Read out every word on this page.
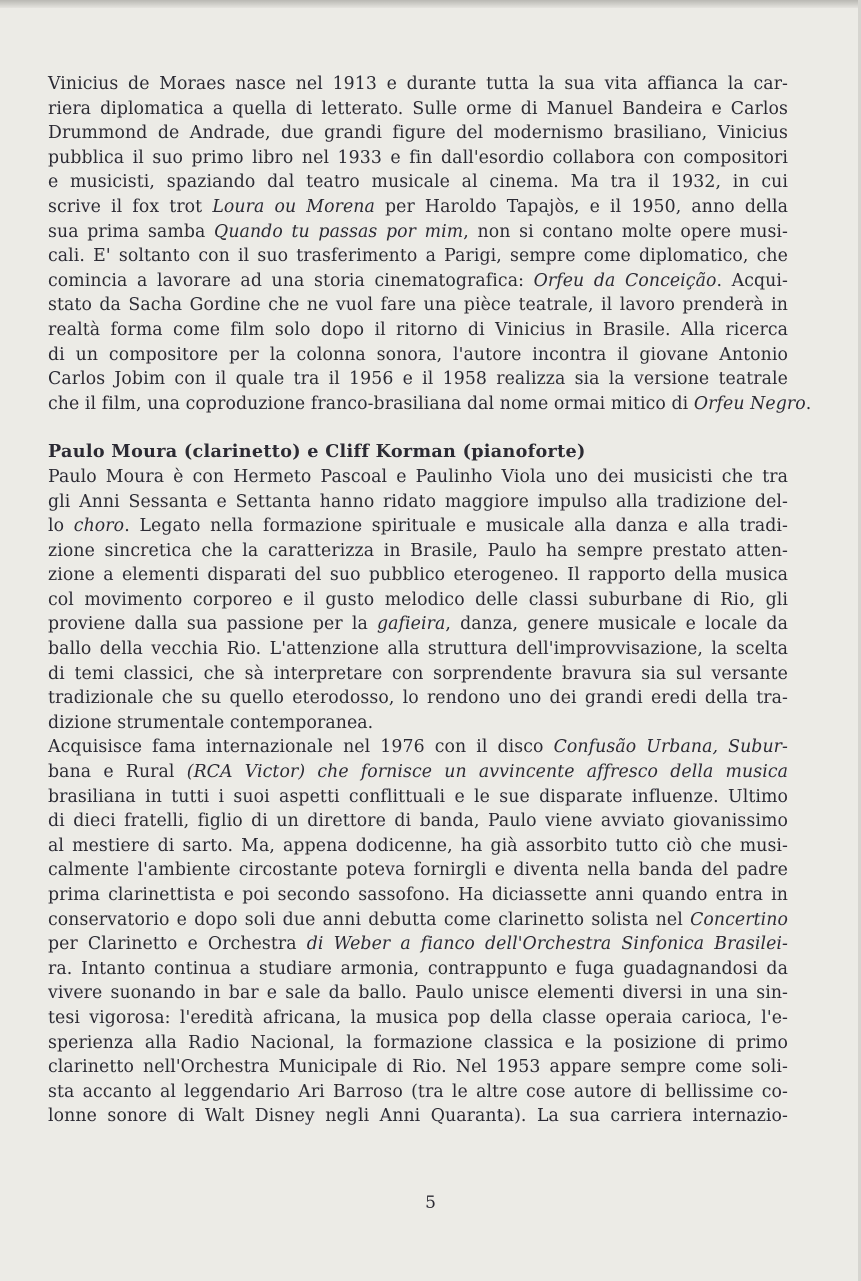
Vinicius de Moraes nasce nel 1913 e durante tutta la sua vita affianca la car-
riera diplomatica a quella di letterato. Sulle orme di Manuel Bandeira e Carlos
Drummond de Andrade, due grandi figure del modernismo brasiliano, Vinicius
pubblica il suo primo libro nel 1933 e fin dall'esordio collabora con compositori
e musicisti, spaziando dal teatro musicale al cinema. Ma tra il 1932, in cui
scrive il fox trot Loura ou Morena per Haroldo Tapajòs, e il 1950, anno della
sua prima samba Quando tu passas por mim, non si contano molte opere musi-
cali. E' soltanto con il suo trasferimento a Parigi, sempre come diplomatico, che
comincia a lavorare ad una storia cinematografica: Orfeu da Conceição. Acqui-
stato da Sacha Gordine che ne vuol fare una pièce teatrale, il lavoro prenderà in
realtà forma come film solo dopo il ritorno di Vinicius in Brasile. Alla ricerca
di un compositore per la colonna sonora, l'autore incontra il giovane Antonio
Carlos Jobim con il quale tra il 1956 e il 1958 realizza sia la versione teatrale
che il film, una coproduzione franco-brasiliana dal nome ormai mitico di Orfeu Negro.
Paulo Moura (clarinetto) e Cliff Korman (pianoforte)
Paulo Moura è con Hermeto Pascoal e Paulinho Viola uno dei musicisti che tra
gli Anni Sessanta e Settanta hanno ridato maggiore impulso alla tradizione del-
lo choro. Legato nella formazione spirituale e musicale alla danza e alla tradi-
zione sincretica che la caratterizza in Brasile, Paulo ha sempre prestato atten-
zione a elementi disparati del suo pubblico eterogeneo. Il rapporto della musica
col movimento corporeo e il gusto melodico delle classi suburbane di Rio, gli
proviene dalla sua passione per la gafieira, danza, genere musicale e locale da
ballo della vecchia Rio. L'attenzione alla struttura dell'improvvisazione, la scelta
di temi classici, che sà interpretare con sorprendente bravura sia sul versante
tradizionale che su quello eterodosso, lo rendono uno dei grandi eredi della tra-
dizione strumentale contemporanea.
Acquisisce fama internazionale nel 1976 con il disco Confusão Urbana, Subur-
bana e Rural (RCA Victor) che fornisce un avvincente affresco della musica
brasiliana in tutti i suoi aspetti conflittuali e le sue disparate influenze. Ultimo
di dieci fratelli, figlio di un direttore di banda, Paulo viene avviato giovanissimo
al mestiere di sarto. Ma, appena dodicenne, ha già assorbito tutto ciò che musi-
calmente l'ambiente circostante poteva fornirgli e diventa nella banda del padre
prima clarinettista e poi secondo sassofono. Ha diciassette anni quando entra in
conservatorio e dopo soli due anni debutta come clarinetto solista nel Concertino
per Clarinetto e Orchestra di Weber a fianco dell'Orchestra Sinfonica Brasilei-
ra. Intanto continua a studiare armonia, contrappunto e fuga guadagnandosi da
vivere suonando in bar e sale da ballo. Paulo unisce elementi diversi in una sin-
tesi vigorosa: l'eredità africana, la musica pop della classe operaia carioca, l'e-
sperienza alla Radio Nacional, la formazione classica e la posizione di primo
clarinetto nell'Orchestra Municipale di Rio. Nel 1953 appare sempre come soli-
sta accanto al leggendario Ari Barroso (tra le altre cose autore di bellissime co-
lonne sonore di Walt Disney negli Anni Quaranta). La sua carriera internazio-
5
